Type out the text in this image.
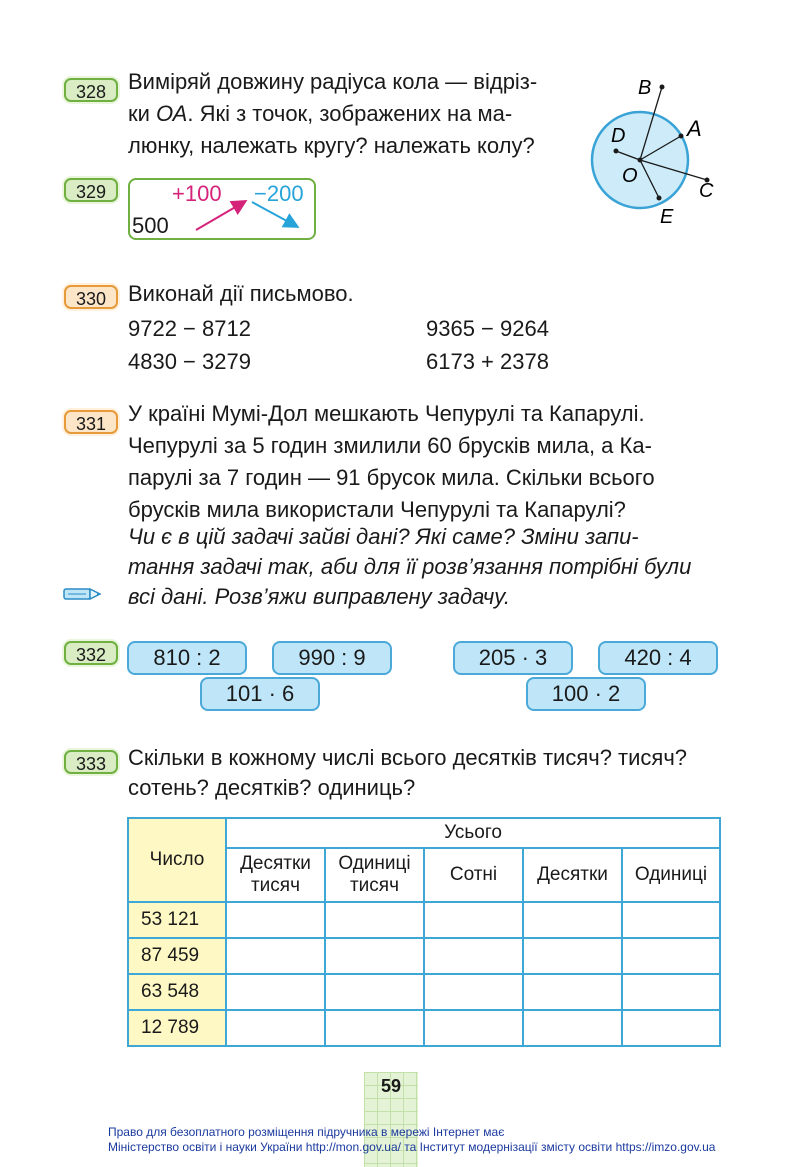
328 Виміряй довжину радіуса кола — відріз-
ки ОА. Які з точок, зображених на ма-
люнку, належать кругу? належать колу?
B
A
D
O
C
E
329
500
+100 −200
330 Виконай дії письмово.
9722 − 8712	9365 − 9264
4830 − 3279	6173 + 2378
331 У країні Мумі-Дол мешкають Чепурулі та Капарулі.
Чепурулі за 5 годин змилили 60 брусків мила, а Ка-
парулі за 7 годин — 91 брусок мила. Скільки всього
брусків мила використали Чепурулі та Капарулі?
Чи є в цій задачі зайві дані? Які саме? Зміни запи-
тання задачі так, аби для її розв’язання потрібні були
всі дані. Розв’яжи виправлену задачу.
332	810 : 2	990 : 9
101 · 6
205 · 3	420 : 4
100 · 2
333 Скільки в кожному числі всього десятків тисяч? тисяч?
сотень? десятків? одиниць?
Число	Усього				
	Десятки тисяч	Одиниці тисяч	Сотні	Десятки	Одиниці
53 121					
87 459					
63 548					
12 789					
59
Право для безоплатного розміщення підручника в мережі Інтернет має
Міністерство освіти і науки України http://mon.gov.ua/ та Інститут модернізації змісту освіти https://imzo.gov.ua
